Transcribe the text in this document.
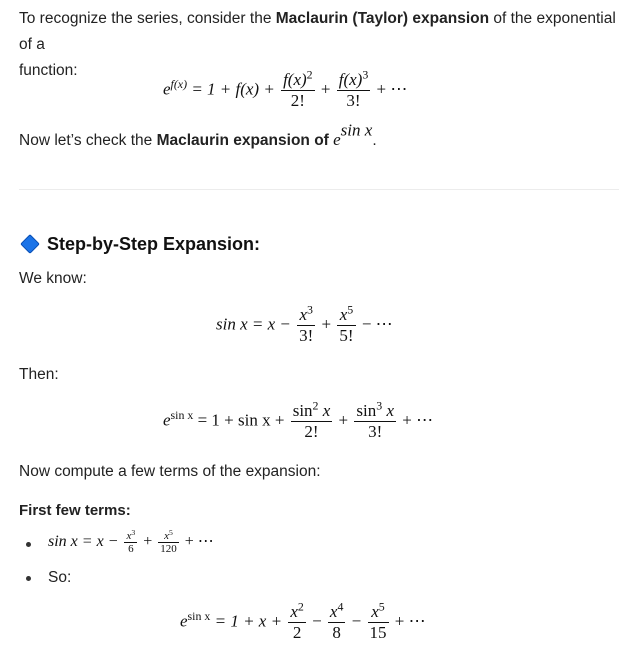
To recognize the series, consider the Maclaurin (Taylor) expansion of the exponential of a
function:
$e^{f(x)} = 1 + f(x) + \frac{f(x)^2}{2!} + \frac{f(x)^3}{3!}$ + ⋯
Now let’s check the Maclaurin expansion of $e^{sin x}$.
Step-by-Step Expansion:
We know:
$\sin x = x - \frac{x^3}{3!} + \frac{x^5}{5!}$ − ⋯
Then:
$e^{sin x} = 1 + \sin x + \frac{\sin^2 x}{2!} + \frac{\sin^3 x}{3!}$ + ⋯
Now compute a few terms of the expansion:
First few terms:
$\sin x = x - \frac{x^3}{6} + \frac{x^5}{120}$ + ⋯
So:
$e^{sin x} = 1 + x + \frac{x^2}{2} - \frac{x^4}{8} - \frac{x^5}{15}$ + ⋯
